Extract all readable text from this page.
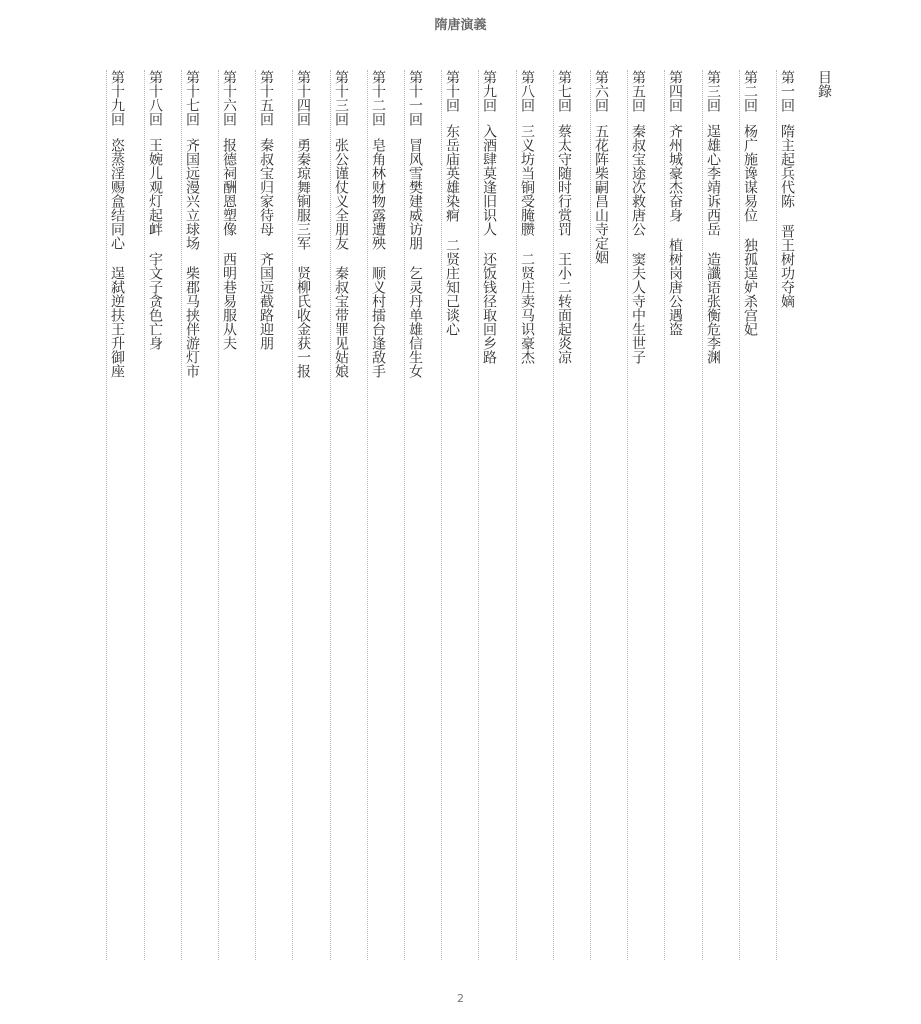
隋唐演義
目錄
第一回隋主起兵代陈晋王树功夺嫡
第二回杨广施谗谋易位独孤逞妒杀宫妃
第三回逞雄心李靖诉西岳造讖语张衡危李渊
第四回齐州城豪杰奋身植树岗唐公遇盗
第五回秦叔宝途次救唐公窦夫人寺中生世子
第六回五花阵柴嗣昌山寺定姻
第七回蔡太守随时行赏罚王小二转面起炎凉
第八回三义坊当锏受腌臜二贤庄卖马识豪杰
第九回入酒肆莫逢旧识人还饭钱径取回乡路
第十回东岳庙英雄染痾二贤庄知己谈心
第十一回冒风雪樊建威访朋乞灵丹单雄信生女
第十二回皂角林财物露遭殃顺义村擂台逢敌手
第十三回张公谨仗义全朋友秦叔宝带罪见姑娘
第十四回勇秦琼舞锏服三军贤柳氏收金获一报
第十五回秦叔宝归家待母齐国远截路迎朋
第十六回报德祠酬恩塑像西明巷易服从夫
第十七回齐国远漫兴立球场柴郡马挟伴游灯市
第十八回王婉儿观灯起衅宇文子贪色亡身
第十九回恣蒸淫赐盒结同心逞弑逆扶王升御座
2
